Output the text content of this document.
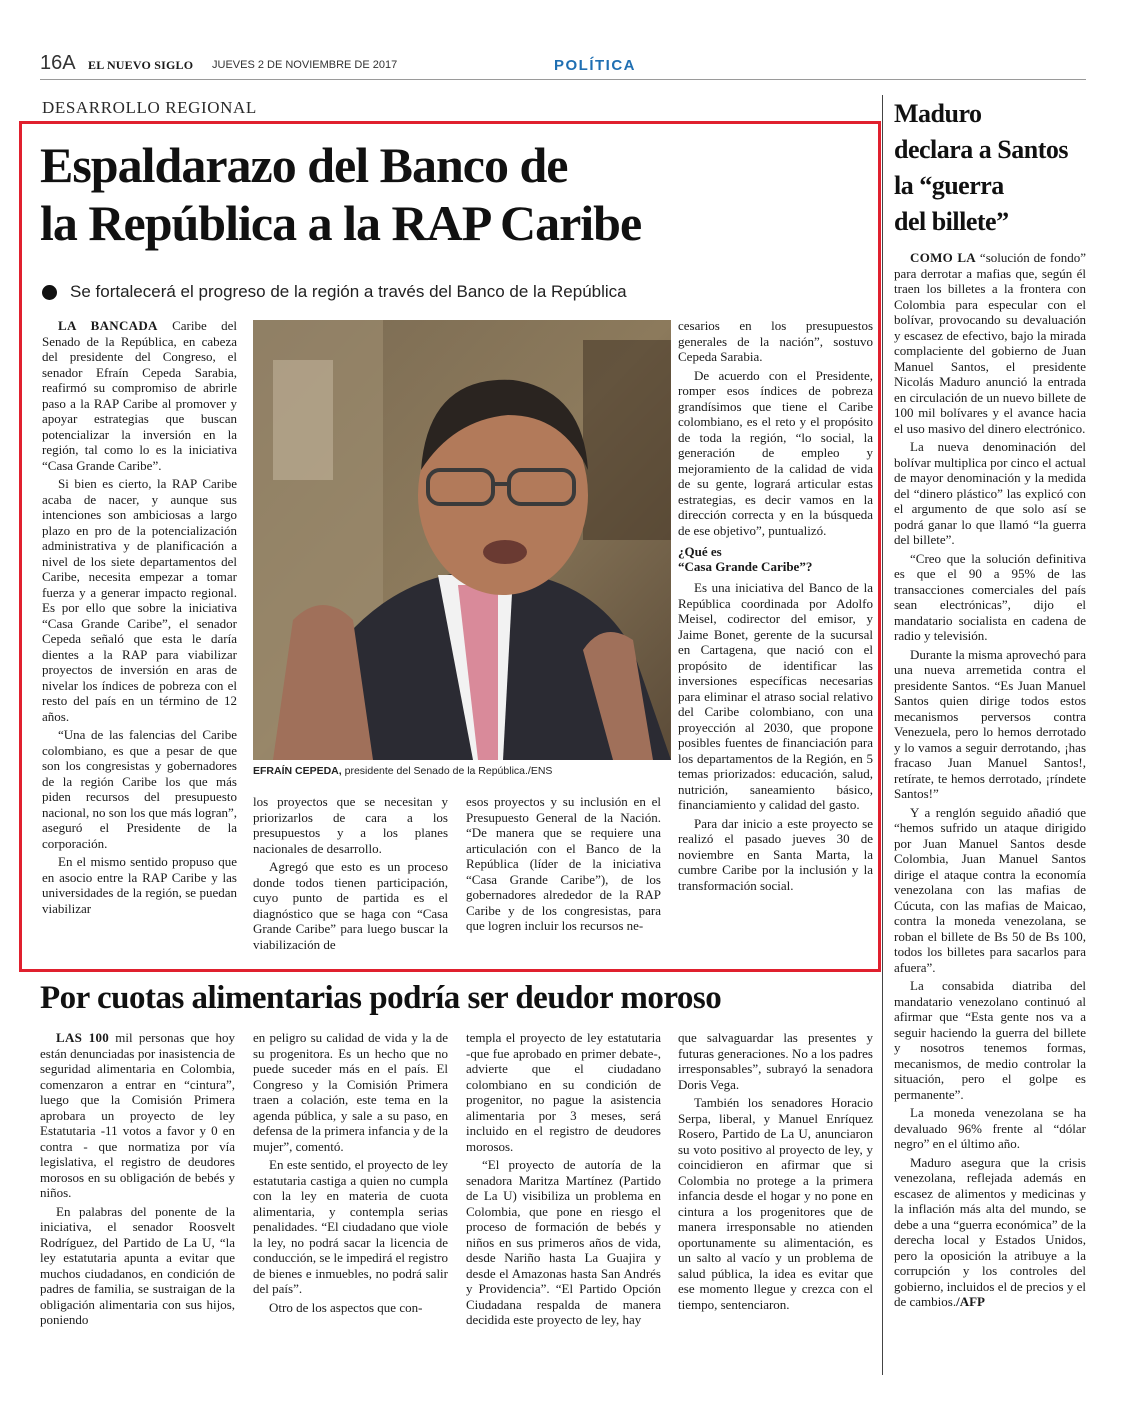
16A EL NUEVO SIGLO JUEVES 2 DE NOVIEMBRE DE 2017	POLÍTICA
DESARROLLO REGIONAL
Espaldarazo del Banco de
la República a la RAP Caribe
Se fortalecerá el progreso de la región a través del Banco de la República

LA BANCADA Caribe del Senado de la República, en cabeza del presidente del Congreso, el senador Efraín Cepeda Sarabia, reafirmó su compromiso de abrirle paso a la RAP Caribe al promover y apoyar estrategias que buscan potencializar la inversión en la región, tal como lo es la iniciativa “Casa Grande Caribe”.

Si bien es cierto, la RAP Caribe acaba de nacer, y aunque sus intenciones son ambiciosas a largo plazo en pro de la potencialización administrativa y de planificación a nivel de los siete departamentos del Caribe, necesita empezar a tomar fuerza y a generar impacto regional. Es por ello que sobre la iniciativa “Casa Grande Caribe”, el senador Cepeda señaló que esta le daría dientes a la RAP para viabilizar proyectos de inversión en aras de nivelar los índices de pobreza con el resto del país en un término de 12 años.

“Una de las falencias del Caribe colombiano, es que a pesar de que son los congresistas y gobernadores de la región Caribe los que más piden recursos del presupuesto nacional, no son los que más logran”, aseguró el Presidente de la corporación.

En el mismo sentido propuso que en asocio entre la RAP Caribe y las universidades de la región, se puedan viabilizar

EFRAÍN CEPEDA, presidente del Senado de la República./ENS

los proyectos que se necesitan y priorizarlos de cara a los presupuestos y a los planes nacionales de desarrollo.

Agregó que esto es un proceso donde todos tienen participación, cuyo punto de partida es el diagnóstico que se haga con “Casa Grande Caribe” para luego buscar la viabilización de

esos proyectos y su inclusión en el Presupuesto General de la Nación. “De manera que se requiere una articulación con el Banco de la República (líder de la iniciativa “Casa Grande Caribe”), de los gobernadores alrededor de la RAP Caribe y de los congresistas, para que logren incluir los recursos ne-

cesarios en los presupuestos generales de la nación”, sostuvo Cepeda Sarabia.

De acuerdo con el Presidente, romper esos índices de pobreza grandísimos que tiene el Caribe colombiano, es el reto y el propósito de toda la región, “lo social, la generación de empleo y mejoramiento de la calidad de vida de su gente, logrará articular estas estrategias, es decir vamos en la dirección correcta y en la búsqueda de ese objetivo”, puntualizó.

¿Qué es
“Casa Grande Caribe”?

Es una iniciativa del Banco de la República coordinada por Adolfo Meisel, codirector del emisor, y Jaime Bonet, gerente de la sucursal en Cartagena, que nació con el propósito de identificar las inversiones específicas necesarias para eliminar el atraso social relativo del Caribe colombiano, con una proyección al 2030, que propone posibles fuentes de financiación para los departamentos de la Región, en 5 temas priorizados: educación, salud, nutrición, saneamiento básico, financiamiento y calidad del gasto.

Para dar inicio a este proyecto se realizó el pasado jueves 30 de noviembre en Santa Marta, la cumbre Caribe por la inclusión y la transformación social.

Por cuotas alimentarias podría ser deudor moroso

LAS 100 mil personas que hoy están denunciadas por inasistencia de seguridad alimentaria en Colombia, comenzaron a entrar en “cintura”, luego que la Comisión Primera aprobara un proyecto de ley Estatutaria -11 votos a favor y 0 en contra - que normatiza por vía legislativa, el registro de deudores morosos en su obligación de bebés y niños.

En palabras del ponente de la iniciativa, el senador Roosvelt Rodríguez, del Partido de La U, “la ley estatutaria apunta a evitar que muchos ciudadanos, en condición de padres de familia, se sustraigan de la obligación alimentaria con sus hijos, poniendo

en peligro su calidad de vida y la de su progenitora. Es un hecho que no puede suceder más en el país. El Congreso y la Comisión Primera traen a colación, este tema en la agenda pública, y sale a su paso, en defensa de la primera infancia y de la mujer”, comentó.

En este sentido, el proyecto de ley estatutaria castiga a quien no cumpla con la ley en materia de cuota alimentaria, y contempla serias penalidades. “El ciudadano que viole la ley, no podrá sacar la licencia de conducción, se le impedirá el registro de bienes e inmuebles, no podrá salir del país”.

Otro de los aspectos que con-

templa el proyecto de ley estatutaria -que fue aprobado en primer debate-, advierte que el ciudadano colombiano en su condición de progenitor, no pague la asistencia alimentaria por 3 meses, será incluido en el registro de deudores morosos.

“El proyecto de autoría de la senadora Maritza Martínez (Partido de La U) visibiliza un problema en Colombia, que pone en riesgo el proceso de formación de bebés y niños en sus primeros años de vida, desde Nariño hasta La Guajira y desde el Amazonas hasta San Andrés y Providencia”. “El Partido Opción Ciudadana respalda de manera decidida este proyecto de ley, hay

que salvaguardar las presentes y futuras generaciones. No a los padres irresponsables”, subrayó la senadora Doris Vega.

También los senadores Horacio Serpa, liberal, y Manuel Enríquez Rosero, Partido de La U, anunciaron su voto positivo al proyecto de ley, y coincidieron en afirmar que si Colombia no protege a la primera infancia desde el hogar y no pone en cintura a los progenitores que de manera irresponsable no atienden oportunamente su alimentación, es un salto al vacío y un problema de salud pública, la idea es evitar que ese momento llegue y crezca con el tiempo, sentenciaron.

Maduro
declara a Santos
la “guerra
del billete”

COMO LA “solución de fondo” para derrotar a mafias que, según él traen los billetes a la frontera con Colombia para especular con el bolívar, provocando su devaluación y escasez de efectivo, bajo la mirada complaciente del gobierno de Juan Manuel Santos, el presidente Nicolás Maduro anunció la entrada en circulación de un nuevo billete de 100 mil bolívares y el avance hacia el uso masivo del dinero electrónico.

La nueva denominación del bolívar multiplica por cinco el actual de mayor denominación y la medida del “dinero plástico” las explicó con el argumento de que solo así se podrá ganar lo que llamó “la guerra del billete”.

“Creo que la solución definitiva es que el 90 a 95% de las transacciones comerciales del país sean electrónicas”, dijo el mandatario socialista en cadena de radio y televisión.

Durante la misma aprovechó para una nueva arremetida contra el presidente Santos. “Es Juan Manuel Santos quien dirige todos estos mecanismos perversos contra Venezuela, pero lo hemos derrotado y lo vamos a seguir derrotando, ¡has fracaso Juan Manuel Santos!, retírate, te hemos derrotado, ¡ríndete Santos!”

Y a renglón seguido añadió que “hemos sufrido un ataque dirigido por Juan Manuel Santos desde Colombia, Juan Manuel Santos dirige el ataque contra la economía venezolana con las mafias de Cúcuta, con las mafias de Maicao, contra la moneda venezolana, se roban el billete de Bs 50 de Bs 100, todos los billetes para sacarlos para afuera”.

La consabida diatriba del mandatario venezolano continuó al afirmar que “Esta gente nos va a seguir haciendo la guerra del billete y nosotros tenemos formas, mecanismos, de medio controlar la situación, pero el golpe es permanente”.

La moneda venezolana se ha devaluado 96% frente al “dólar negro” en el último año.

Maduro asegura que la crisis venezolana, reflejada además en escasez de alimentos y medicinas y la inflación más alta del mundo, se debe a una “guerra económica” de la derecha local y Estados Unidos, pero la oposición la atribuye a la corrupción y los controles del gobierno, incluidos el de precios y el de cambios./AFP
